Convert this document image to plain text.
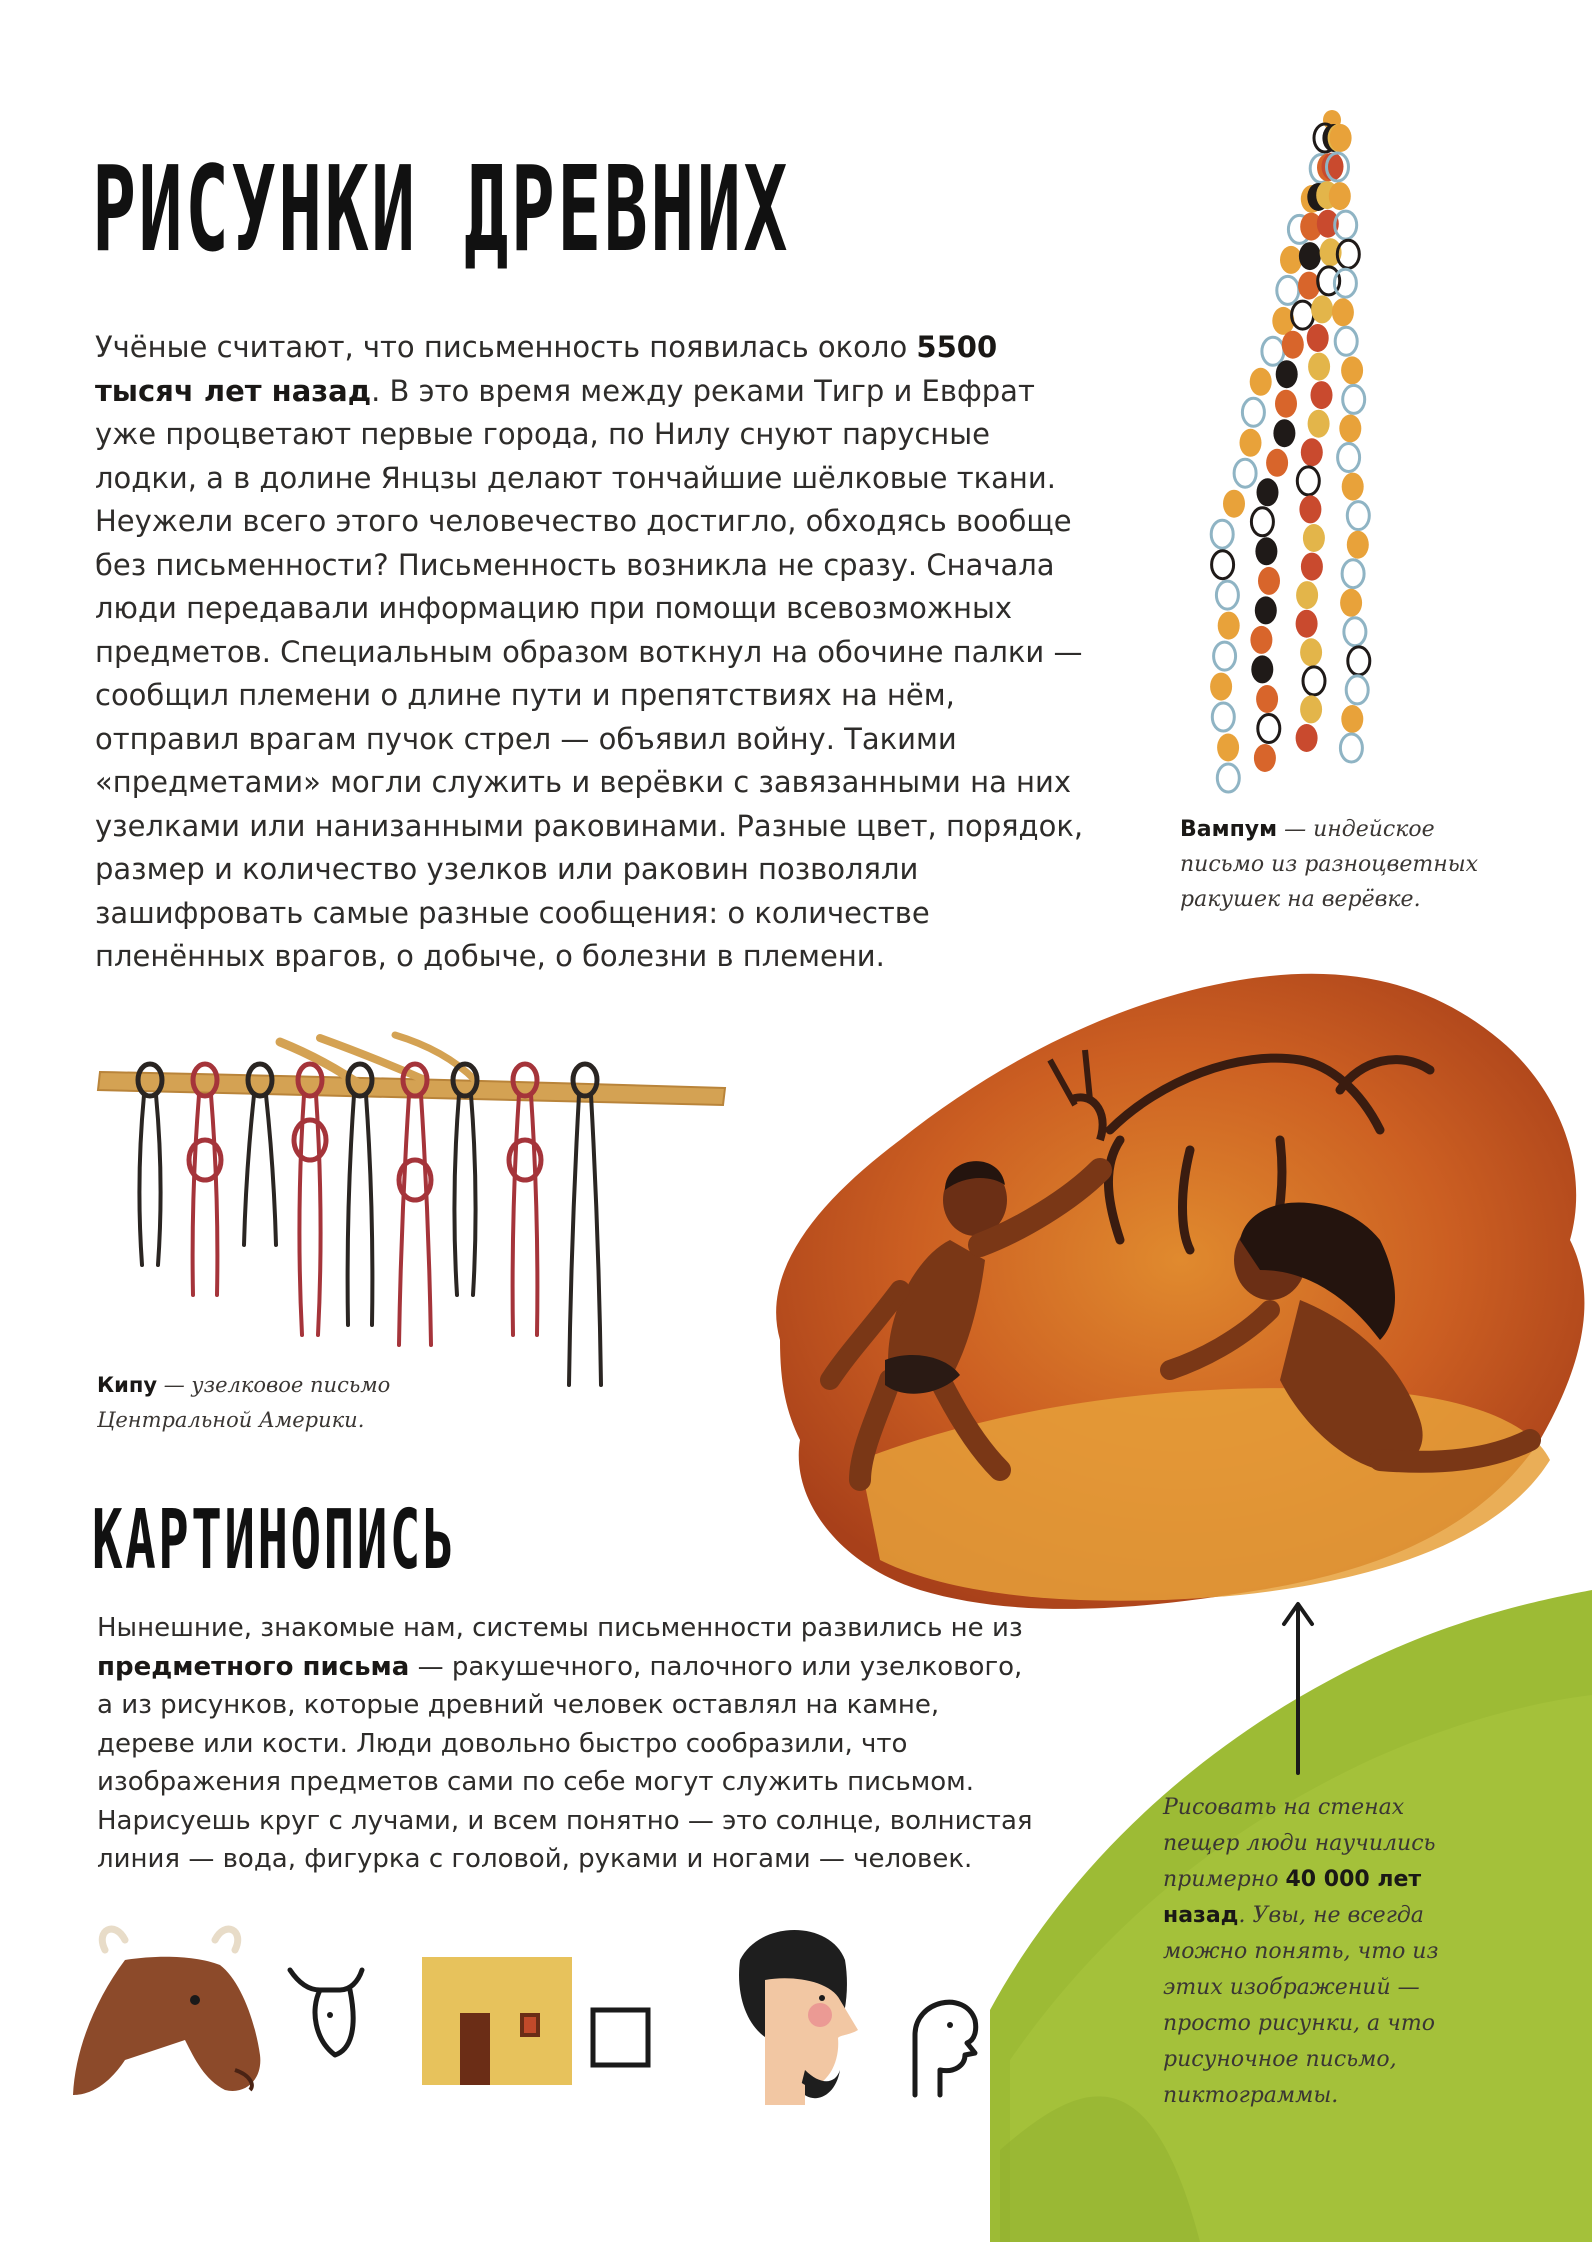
РИСУНКИ ДРЕВНИХ

Учёные считают, что письменность появилась около 5500 тысяч лет назад. В это время между реками Тигр и Евфрат уже процветают первые города, по Нилу снуют парусные лодки, а в долине Янцзы делают тончайшие шёлковые ткани. Неужели всего этого человечество достигло, обходясь вообще без письменности? Письменность возникла не сразу. Сначала люди передавали информацию при помощи всевозможных предметов. Специальным образом воткнул на обочине палки — сообщил племени о длине пути и препятствиях на нём, отправил врагам пучок стрел — объявил войну. Такими «предметами» могли служить и верёвки с завязанными на них узелками или нанизанными раковинами. Разные цвет, порядок, размер и количество узелков или раковин позволяли зашифровать самые разные сообщения: о количестве пленённых врагов, о добыче, о болезни в племени.

Вампум — индейское письмо из разноцветных ракушек на верёвке.
Кипу — узелковое письмо Центральной Америки.
КАРТИНОПИСЬ

Нынешние, знакомые нам, системы письменности развились не из предметного письма — ракушечного, палочного или узелкового, а из рисунков, которые древний человек оставлял на камне, дереве или кости. Люди довольно быстро сообразили, что изображения предметов сами по себе могут служить письмом. Нарисуешь круг с лучами, и всем понятно — это солнце, волнистая линия — вода, фигурка с головой, руками и ногами — человек.

Рисовать на стенах пещер люди научились примерно 40 000 лет назад. Увы, не всегда можно понять, что из этих изображений — просто рисунки, а что рисуночное письмо, пиктограммы.
